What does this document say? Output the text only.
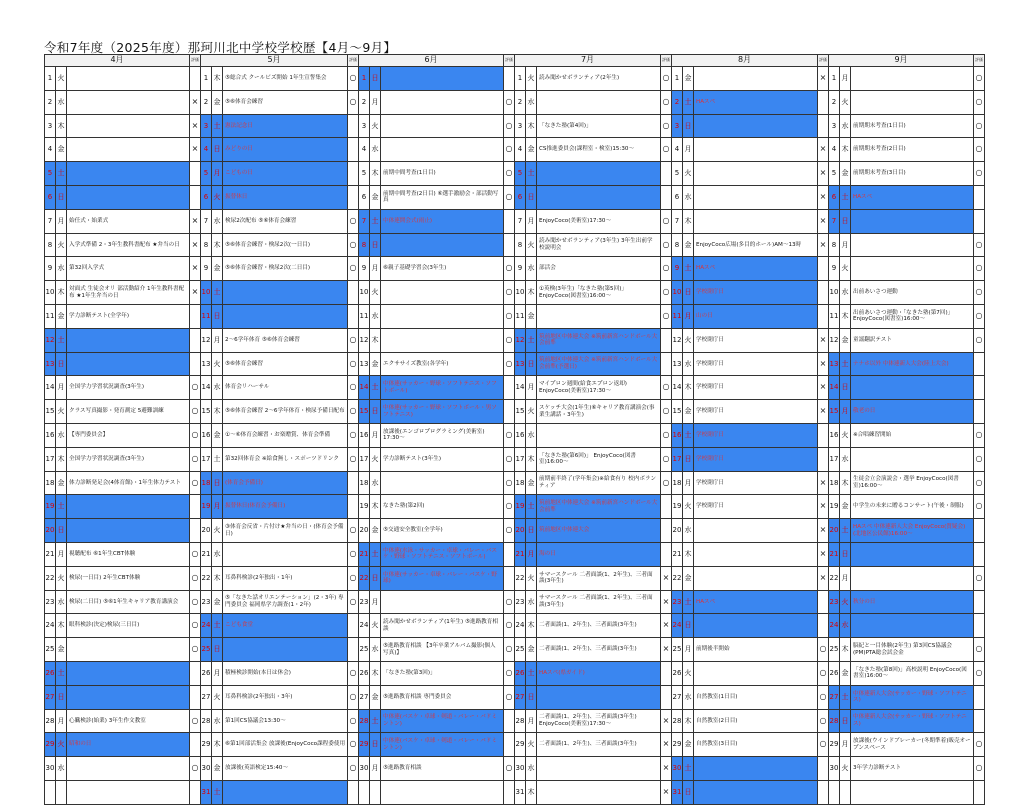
令和7年度（2025年度）那珂川北中学校学校歴【4月～9月】
4月			評価
1	火		
2	水		×
3	木		×
4	金		×
5	土		
6	日		
7	月	始任式・始業式	×
8	火	入学式準備 2・3年生教科書配布 ★弁当の日	×
9	水	第32回入学式	×
10	木	対面式 生徒会オリ 部活動紹介 1年生教科書配布 ★1年生弁当の日	×
11	金	学力診断テスト(全学年)	
12	土		
13	日		
14	月	全国学力学習状況調査(3年生)	○
15	火	クラス写真撮影・発育測定 5避難訓練	○
16	水	【専門委員会】	○
17	木	全国学力学習状況調査(3年生)	○
18	金	体力診断発足会(4体育館)・1年生体力テスト	○
19	土		
20	日		
21	月	視聴配布 ⑥1年生CBT体験	○
22	火	検尿(一日目) 2年生CBT体験	○
23	水	検尿(二日目) ⑤⑥1年生キャリア教育講演会	○
24	木	眼科検診(決定)検尿(三日目)	○
25	金		○
26	土		
27	日		
28	月	心臓検診(始業) 3年生作文教室	○
29	火	昭和の日	
30	水		○

5月			評価
1	木	⑤総合式 クールビズ開始 1年生宣誓集会	○
2	金	⑤⑥体育会練習	○
3	土	憲法記念日	
4	日	みどりの日	
5	月	こどもの日	
6	火	振替休日	
7	水	検尿2次配布 ⑤⑥体育会練習	○
8	木	⑤⑥体育会練習・検尿2次(一日目)	○
9	金	⑤⑥体育会練習・検尿2次(二日目)	○
10	土		
11	日		
12	月	2～6学年体育 ⑤⑥体育会練習	○
13	火	⑤⑥体育会練習	○
14	水	体育会リハーサル	○
15	木	⑤⑥体育会練習 2～6学年体育・検尿予備日配布	○
16	金	①～⑥体育会練習・お楽贈賞、体育会準備	○
17	土	第32回体育会 ※給食無し・スポーツドリンク	○
18	日	(体育会予備日)	
19	月	振替休日(体育会予備日)	
20	火	③体育会反省・片付け★弁当の日・(体育会予備日)	○
21	水		○
22	木	耳鼻科検診(2年独出・1年)	○
23	金	⑤「なきた話オリエンテーション」(2・3年) 専門委員会 福岡県学力調査(1・2年)	○
24	土	こども食堂	
25	日		
26	月	積極検診開始(本日は休会)	○
27	火	耳鼻科検診(2年独出・3年)	○
28	水	第1回CS協議会13:30～	○
29	木	⑥第1回部活集会 放課後(EnjoyCoco課程委使用	○
30	金	放課後(英語検定15:40～	○
31	土		
6月			評価
1	日		
2	月		○
3	火		○
4	水		○
5	木	前期中間考査(1日目)	○
6	金	前期中間考査(2日目) ⑥選手激励会・部活動写真	○
7	土	中体連開会式(雨止)	
8	日		
9	月	⑥親子基礎学習会(3年生)	○
10	火		○
11	水		○
12	木		○
13	金	エクササイズ教室(各学年)	○
14	土	中体連(サッカー・野球・ソフトテニス・ソフトボール)	
15	日	中体連(サッカー・野球・ソフトボール・男ソフトテニス)	
16	月	放課後(エンゴロプログラミング(美術室) 17:30～	○
17	火	学力診断テスト(3年生)	○
18	水		○
19	木	なきた塾(第2回)	○
20	金	⑤交通安全教室(全学年)	○
21	土	中体連(水泳・サッカー・卓球・バレー・バスケ・野球・ソフトテニス・ソフトボール)	
22	日	中体連(サッカー・卓球・バレー・バスケ・野球)	
23	月		○
24	火	読み聞かせボランティア(1年生) ⑤進路教育相談	○
25	水	⑤進路教育相談 【3年卒業アルバム撮影(個人写真)】	○
26	木	「なきた塾(第3回)」	○
27	金	⑤進路教育相談 専門委員会	○
28	土	中体連(バスケ・卓球・剣道・バレー・バドミントン)	
29	日	中体連(バスケ・卓球・剣道・バレー・バドミントン)	
30	月	⑤進路教育相談	○

7月			評価
1	火	読み聞かせボランティア(2年生)	○
2	水		○
3	木	「なきた塾(第4回)」	○
4	金	CS推進委員会(課程室・検室)15:30～	○
5	土		
6	日		
7	月	EnjoyCoco(美術室)17:30～	○
8	火	読み聞かせボランティア(3年生) 3年生出前学校説明会	○
9	水	部活会	○
10	木	①英検(3年生)「なきた塾(第5回)」 EnjoyCoco(図書室)16:00～	○
11	金		○
12	土	筑前地区中体連大会 ※筑前新宮ハンドボール大会前準	
13	日	筑前地区中体連大会 ※筑前新宮ハンドボール大会前準(予選日)	
14	月	マイプロン週間(給食エプロン返却) EnjoyCoco(美術室)17:30～	○
15	火	スケッチ大会(1年生)⑥キャリア教育講演会(事業生講話・3年生)	○
16	水		○
17	木	「なきた塾(第6回)」 EnjoyCoco(図書室)16:00～	○
18	金	前期前半終了(学年集会)※給食有り 校内ボランティア	○
19	土	筑前地区中体連大会 ※筑前新宮ハンドボール大会前準	
20	日	筑前地区中体連大会	
21	月	海の日	
22	火	サマースクール 二者面談(1、2年生)、三者面談(3年生)	×
23	水	サマースクール 二者面談(1、2年生)、三者面談(3年生)	×
24	木	二者面談(1、2年生)、三者面談(3年生)	×
25	金	二者面談(1、2年生)、三者面談(3年生)	×
26	土	HAスペ(県ガイド)	
27	日		
28	月	二者面談(1、2年生)、三者面談(3年生) EnjoyCoco(美術室)17:30～	×
29	火	二者面談(1、2年生)、三者面談(3年生)	×
30	水		×
31	木		×
8月			評価
1	金		×
2	土	HAスペ	
3	日		
4	月		×
5	火		×
6	水		×
7	木		×
8	金	EnjoyCoco広場(多目的ホール)AM～13時	×
9	土	HAスペ	
10	日	学校閉庁日	
11	月	山の日	
12	火	学校閉庁日	×
13	水	学校閉庁日	×
14	木	学校閉庁日	×
15	金	学校閉庁日	×
16	土	学校閉庁日	
17	日	学校閉庁日	
18	月	学校閉庁日	×
19	火	学校閉庁日	×
20	水		×
21	木		×
22	金		×
23	土	HAスペ	
24	日		
25	月	前期後半開始	○
26	火		○
27	水	自然教室(1日目)	○
28	木	自然教室(2日目)	○
29	金	自然教室(3日目)	○
30	土		
31	日		
9月			評価
1	月		○
2	火		○
3	水	前期期末考査(1日目)	○
4	木	前期期末考査(2日目)	○
5	金	前期期末考査(3日目)	○
6	土	HAスペ	
7	日		
8	月		○
9	火		○
10	水	出前あいさつ運動	○
11	木	出前あいさつ運動・「なきた塾(第7回)」 EnjoyCoco(図書室)16:00～	○
12	金	童謡翻訳テスト	○
13	土	ナナホ以外 中体連新人大会(陸上大会)	
14	日		
15	月	敬老の日	
16	火	※合唱練習開始	○
17	水		○
18	木	生徒会立会演説会・選挙 EnjoyCoco(図書室)16:00～	○
19	金	中学生の未来に贈るコンサート(午後・制服)	○
20	土	HAスペ 中体連新人大会 EnjoyCoco(質疑会)(北地区公民館)16:00～	
21	日		
22	月		○
23	火	秋分の日	
24	水		
25	木	脳紀と一目体験(2年生) 第3回CS協議会(PM)PTA総会試会金	○
26	金	「なきた塾(第8回)」高校説明 EnjoyCoco(図書室)16:00～	○
27	土	中体連新人大会(サッカー・野球・ソフトテニス)	
28	日	中体連新人大会(サッカー・野球・ソフトテニス)	
29	月	放課後(ウインドブレーカー(冬期準着)販売オープンスペース	○
30	火	3年学力診断テスト	○
